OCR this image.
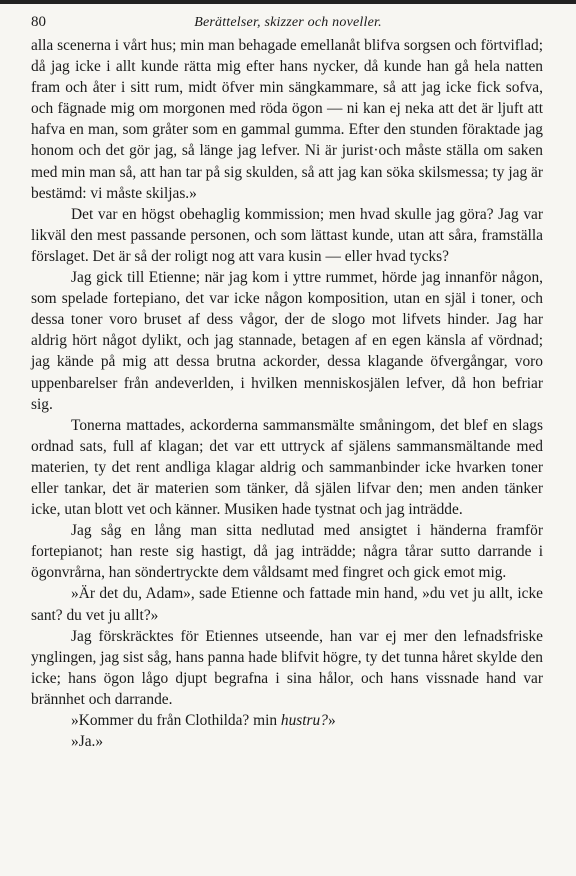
80	Berättelser, skizzer och noveller.

alla scenerna i vårt hus; min man behagade emellanåt blifva sorgsen och förtviflad; då jag icke i allt kunde rätta mig efter hans nycker, då kunde han gå hela natten fram och åter i sitt rum, midt öfver min sängkammare, så att jag icke fick sofva, och fägnade mig om morgonen med röda ögon — ni kan ej neka att det är ljuft att hafva en man, som gråter som en gammal gumma. Efter den stunden föraktade jag honom och det gör jag, så länge jag lefver. Ni är jurist·och måste ställa om saken med min man så, att han tar på sig skulden, så att jag kan söka skilsmessa; ty jag är bestämd: vi måste skiljas.»

Det var en högst obehaglig kommission; men hvad skulle jag göra? Jag var likväl den mest passande personen, och som lättast kunde, utan att såra, framställa förslaget. Det är så der roligt nog att vara kusin — eller hvad tycks?

Jag gick till Etienne; när jag kom i yttre rummet, hörde jag innanför någon, som spelade fortepiano, det var icke någon komposition, utan en själ i toner, och dessa toner voro bruset af dess vågor, der de slogo mot lifvets hinder. Jag har aldrig hört något dylikt, och jag stannade, betagen af en egen känsla af vördnad; jag kände på mig att dessa brutna ackorder, dessa klagande öfvergångar, voro uppenbarelser från andeverlden, i hvilken menniskosjälen lefver, då hon befriar sig.

Tonerna mattades, ackorderna sammansmälte småningom, det blef en slags ordnad sats, full af klagan; det var ett uttryck af själens sammansmältande med materien, ty det rent andliga klagar aldrig och sammanbinder icke hvarken toner eller tankar, det är materien som tänker, då själen lifvar den; men anden tänker icke, utan blott vet och känner. Musiken hade tystnat och jag inträdde.

Jag såg en lång man sitta nedlutad med ansigtet i händerna framför fortepianot; han reste sig hastigt, då jag inträdde; några tårar sutto darrande i ögonvrårna, han söndertryckte dem våldsamt med fingret och gick emot mig.

»Är det du, Adam», sade Etienne och fattade min hand, »du vet ju allt, icke sant? du vet ju allt?»

Jag förskräcktes för Etiennes utseende, han var ej mer den lefnadsfriske ynglingen, jag sist såg, hans panna hade blifvit högre, ty det tunna håret skylde den icke; hans ögon lågo djupt begrafna i sina hålor, och hans vissnade hand var brännhet och darrande.

»Kommer du från Clothilda? min hustru?»

»Ja.»
